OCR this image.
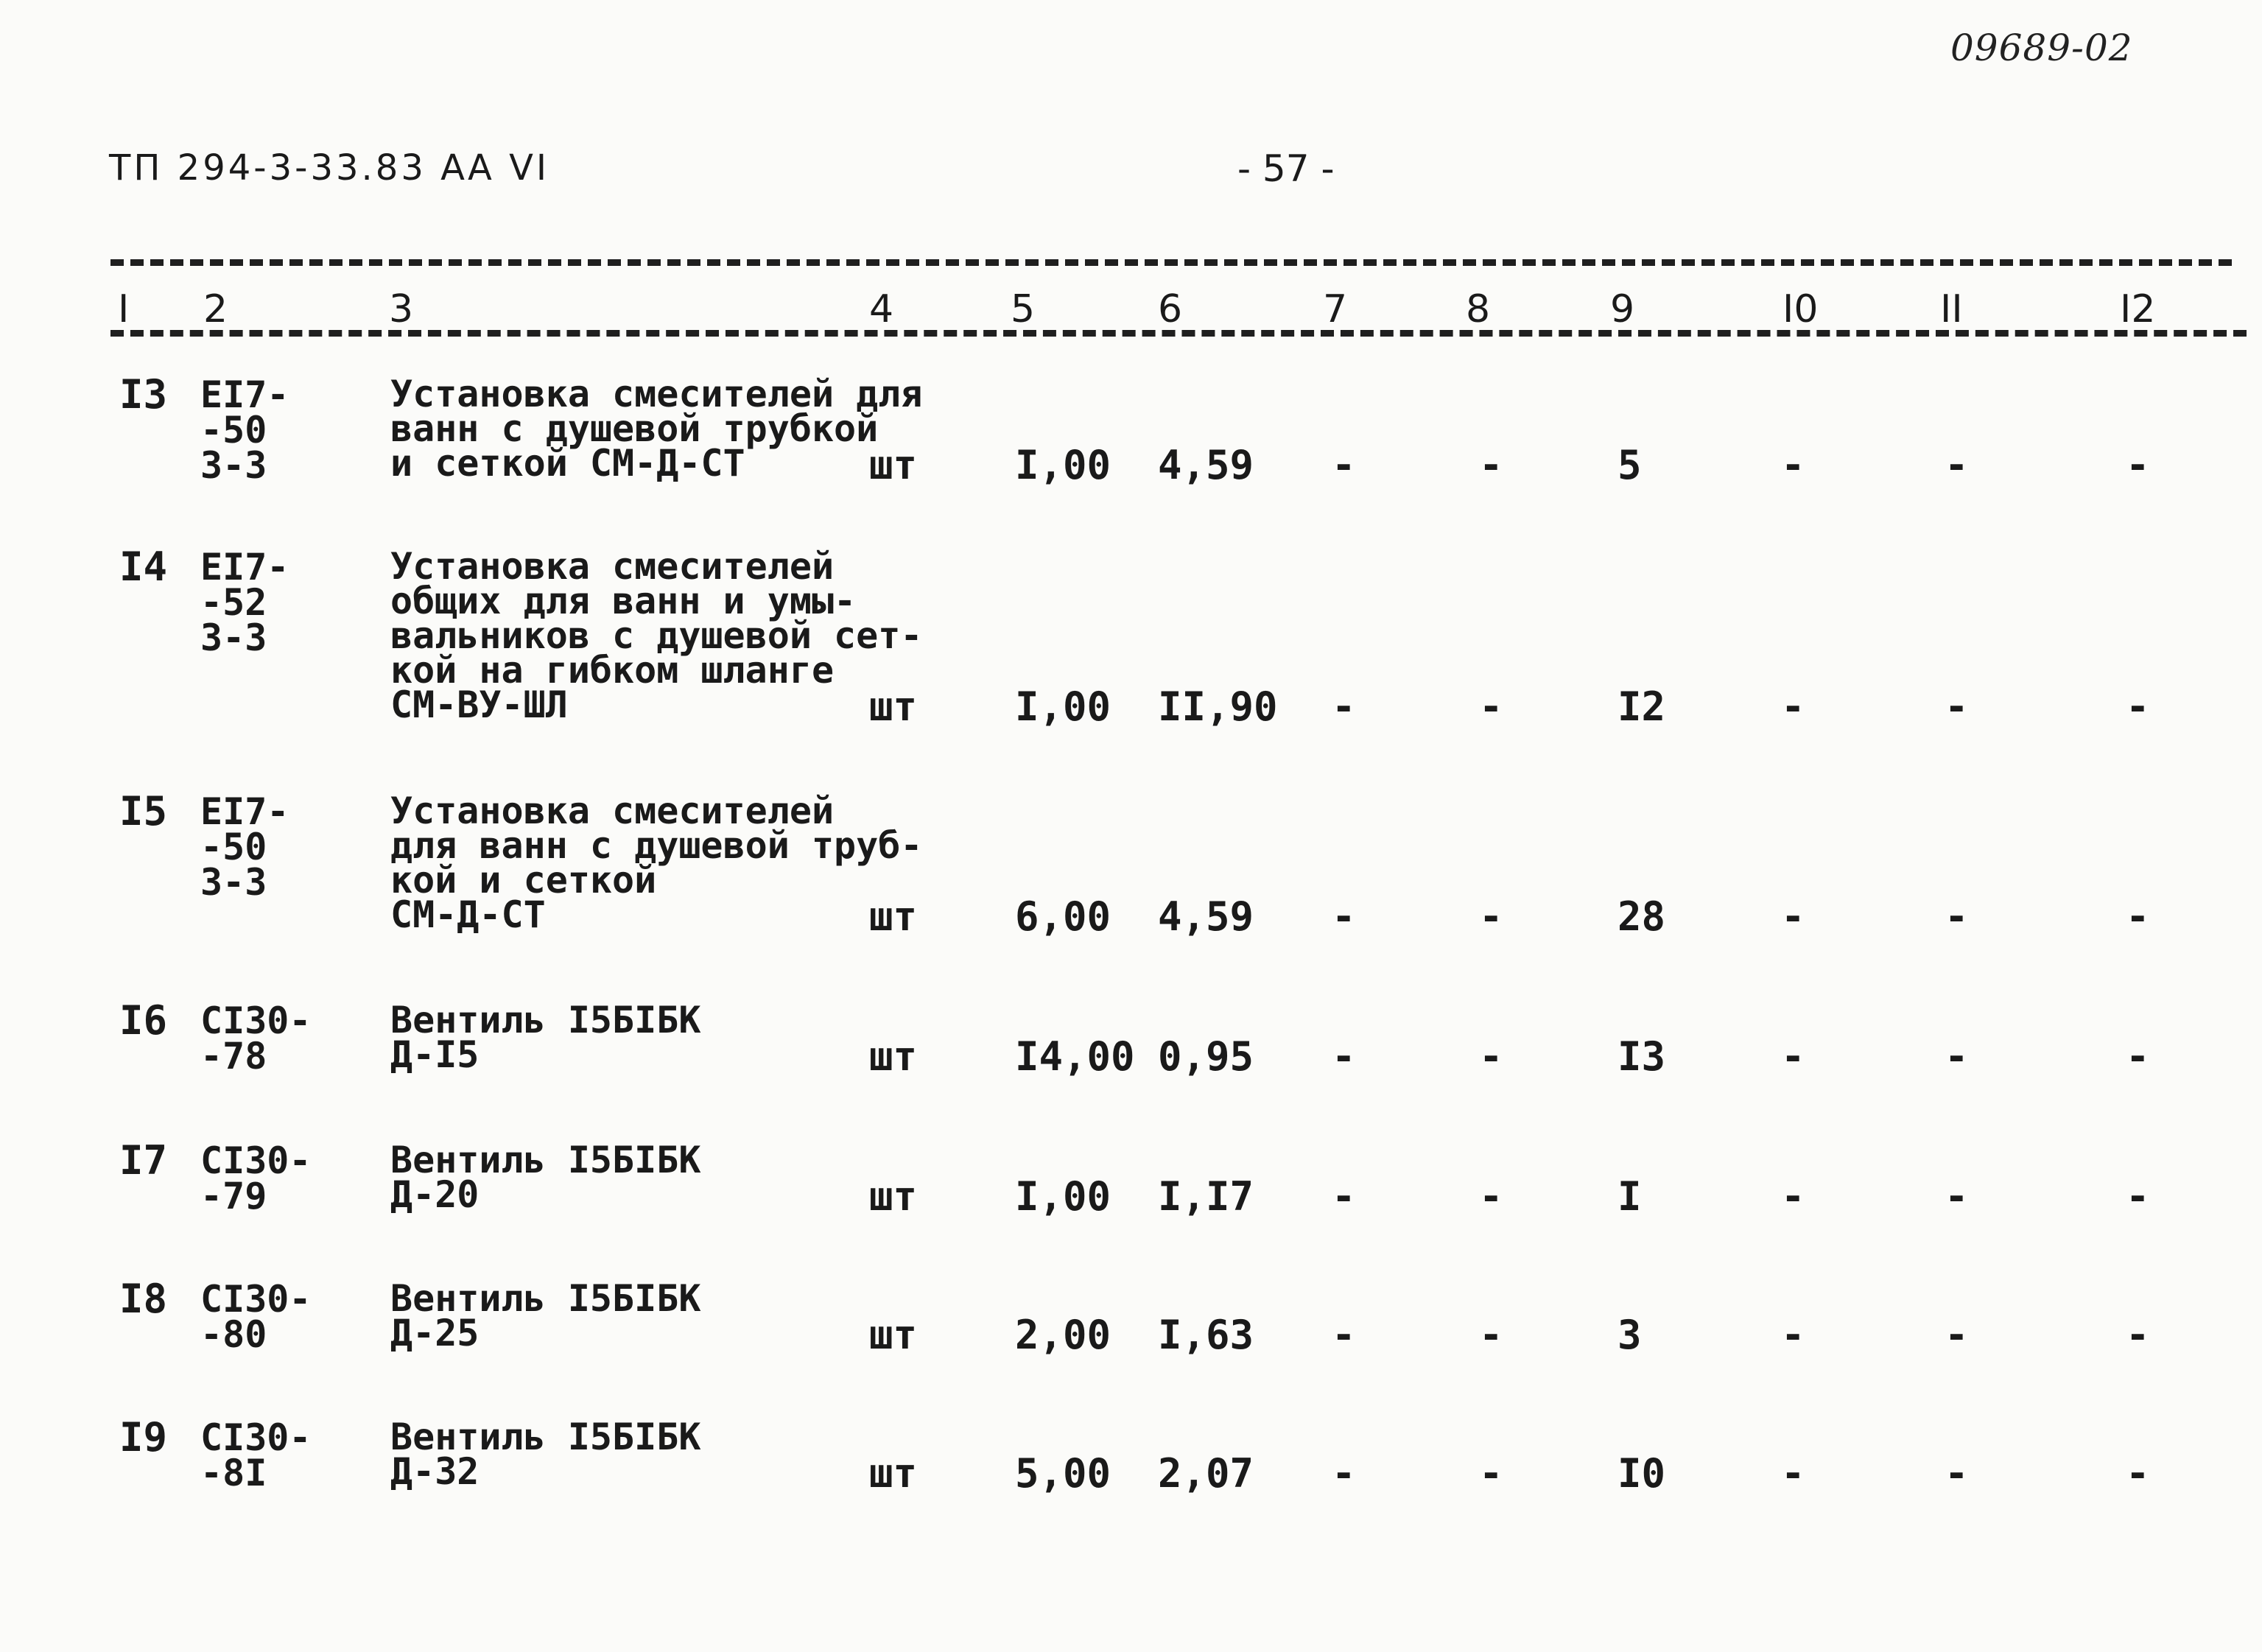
09689-02
ТП 294-3-33.83 АА VI	- 57 -
I 2	3	4	5	6	7	8	9	I0	II	I2
I3 ЕI7-
-50
3-3
Установка смесителей для
ванн с душевой трубкой
и сеткой СМ-Д-СТ	шт I,00 4,59 -	-	5	-	-	-
I4 ЕI7-
-52
3-3
Установка смесителей
общих для ванн и умы-
вальников с душевой сет-
кой на гибком шланге
СМ-ВУ-ШЛ	шт I,00 II,90 -	-	I2	-	-	-
I5 ЕI7-
-50
3-3
Установка смесителей
для ванн с душевой труб-
кой и сеткой
СМ-Д-СТ	шт 6,00 4,59 -	-	28	-	-	-
I6 СI30-
-78
Вентиль I5БIБК
Д-I5	шт I4,00 0,95 -	-	I3	-	-	-
I7 СI30-
-79
Вентиль I5БIБК
Д-20	шт I,00 I,I7 -	-	I	-	-	-
I8 СI30-
-80
Вентиль I5БIБК
Д-25	шт 2,00 I,63 -	-	3	-	-	-
I9 СI30-
-8I
Вентиль I5БIБК
Д-32	шт 5,00 2,07 -	-	I0	-	-	-
